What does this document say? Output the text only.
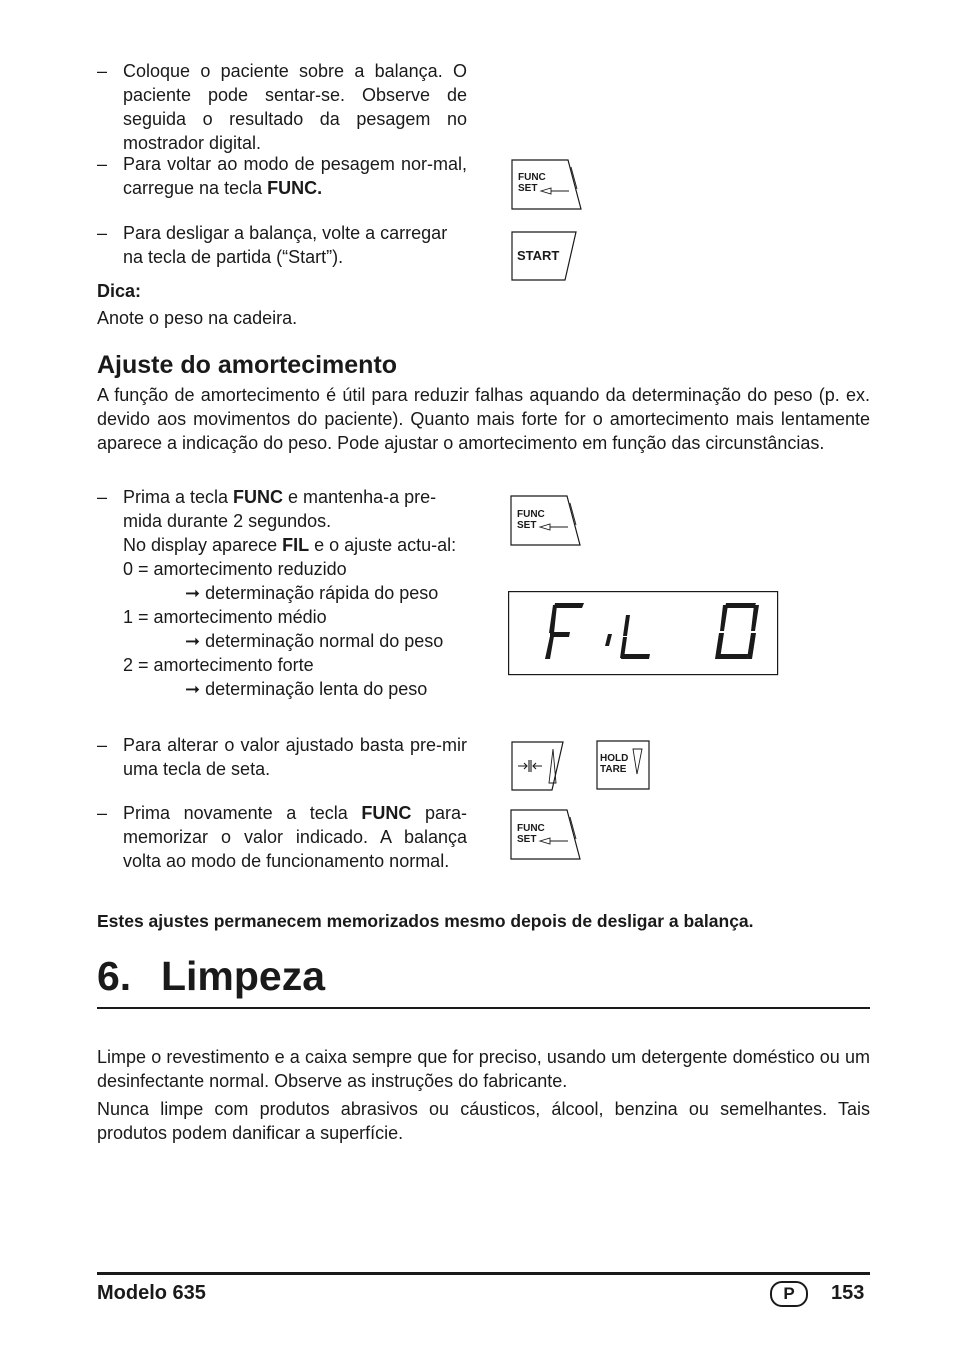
– Coloque o paciente sobre a balança. O paciente pode sentar-se. Observe de seguida o resultado da pesagem no mostrador digital.
– Para voltar ao modo de pesagem nor-mal, carregue na tecla FUNC.
– Para desligar a balança, volte a carregar na tecla de partida (“Start”).
Dica:
Anote o peso na cadeira.
FUNC
SET
START
Ajuste do amortecimento
A função de amortecimento é útil para reduzir falhas aquando da determinação do peso (p. ex. devido aos movimentos do paciente). Quanto mais forte for o amortecimento mais lentamente aparece a indicação do peso. Pode ajustar o amortecimento em função das circunstâncias.
– Prima a tecla FUNC e mantenha-a pre-mida durante 2 segundos.
No display aparece FIL e o ajuste actu-al:
0 = amortecimento reduzido
➞ determinação rápida do peso
1 = amortecimento médio
➞ determinação normal do peso
2 = amortecimento forte
➞ determinação lenta do peso
– Para alterar o valor ajustado basta pre-mir uma tecla de seta.
– Prima novamente a tecla FUNC para-memorizar o valor indicado. A balança volta ao modo de funcionamento normal.
Estes ajustes permanecem memorizados mesmo depois de desligar a balança.
FUNC
SET
HOLD
TARE
FUNC
SET
6. Limpeza
Limpe o revestimento e a caixa sempre que for preciso, usando um detergente doméstico ou um desinfectante normal. Observe as instruções do fabricante.
Nunca limpe com produtos abrasivos ou cáusticos, álcool, benzina ou semelhantes. Tais produtos podem danificar a superfície.
Modelo 635	P	153
